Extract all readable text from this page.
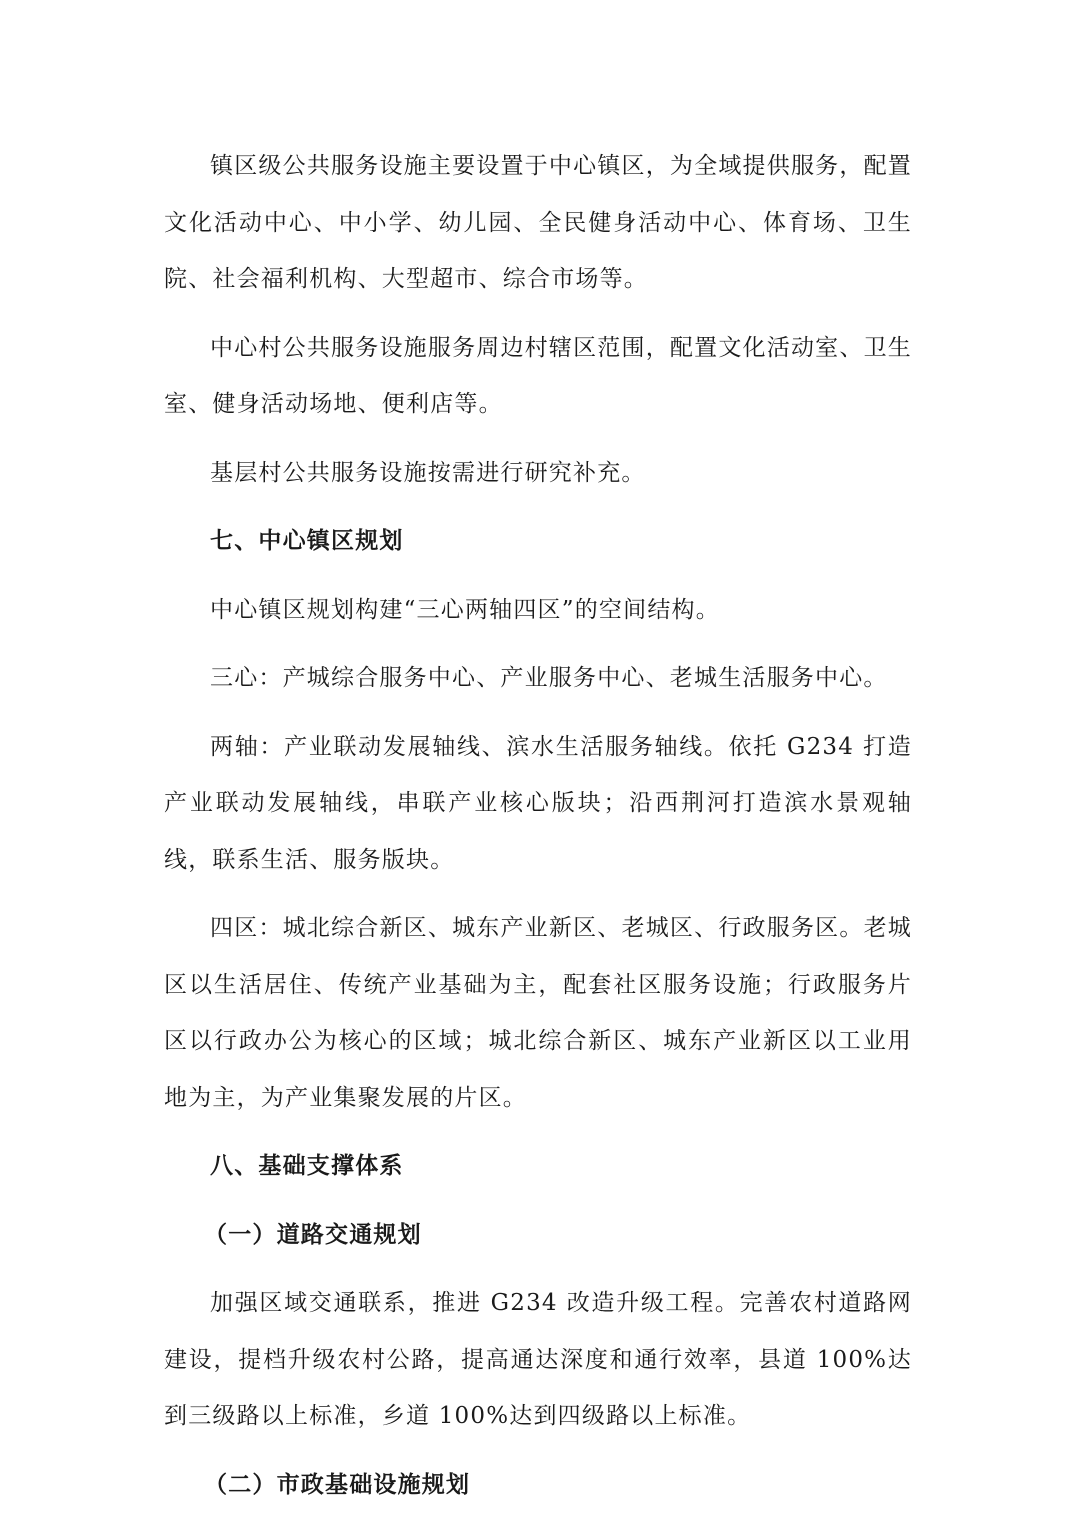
镇区级公共服务设施主要设置于中心镇区，为全域提供服务，配置文化活动中心、中小学、幼儿园、全民健身活动中心、体育场、卫生院、社会福利机构、大型超市、综合市场等。

中心村公共服务设施服务周边村辖区范围，配置文化活动室、卫生室、健身活动场地、便利店等。

基层村公共服务设施按需进行研究补充。

七、中心镇区规划

中心镇区规划构建“三心两轴四区”的空间结构。

三心：产城综合服务中心、产业服务中心、老城生活服务中心。

两轴：产业联动发展轴线、滨水生活服务轴线。依托 G234 打造产业联动发展轴线，串联产业核心版块；沿西荆河打造滨水景观轴线，联系生活、服务版块。

四区：城北综合新区、城东产业新区、老城区、行政服务区。老城区以生活居住、传统产业基础为主，配套社区服务设施；行政服务片区以行政办公为核心的区域；城北综合新区、城东产业新区以工业用地为主，为产业集聚发展的片区。

八、基础支撑体系

（一）道路交通规划

加强区域交通联系，推进 G234 改造升级工程。完善农村道路网建设，提档升级农村公路，提高通达深度和通行效率，县道 100%达到三级路以上标准，乡道 100%达到四级路以上标准。

（二）市政基础设施规划
